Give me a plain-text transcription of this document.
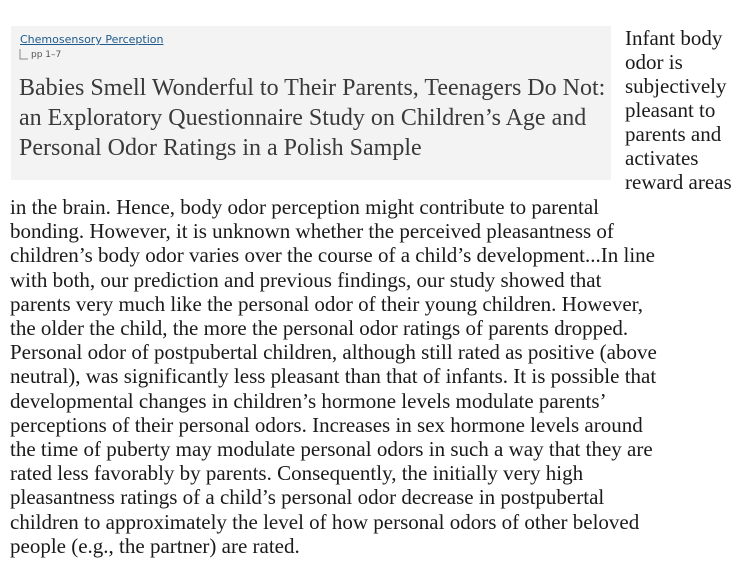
Chemosensory Perception
pp 1–7
Babies Smell Wonderful to Their Parents, Teenagers Do Not: an Exploratory Questionnaire Study on Children’s Age and Personal Odor Ratings in a Polish Sample
Infant body
odor is
subjectively
pleasant to
parents and
activates
reward areas
in the brain. Hence, body odor perception might contribute to parental
bonding. However, it is unknown whether the perceived pleasantness of
children’s body odor varies over the course of a child’s development...In line
with both, our prediction and previous findings, our study showed that
parents very much like the personal odor of their young children. However,
the older the child, the more the personal odor ratings of parents dropped.
Personal odor of postpubertal children, although still rated as positive (above
neutral), was significantly less pleasant than that of infants. It is possible that
developmental changes in children’s hormone levels modulate parents’
perceptions of their personal odors. Increases in sex hormone levels around
the time of puberty may modulate personal odors in such a way that they are
rated less favorably by parents. Consequently, the initially very high
pleasantness ratings of a child’s personal odor decrease in postpubertal
children to approximately the level of how personal odors of other beloved
people (e.g., the partner) are rated.
